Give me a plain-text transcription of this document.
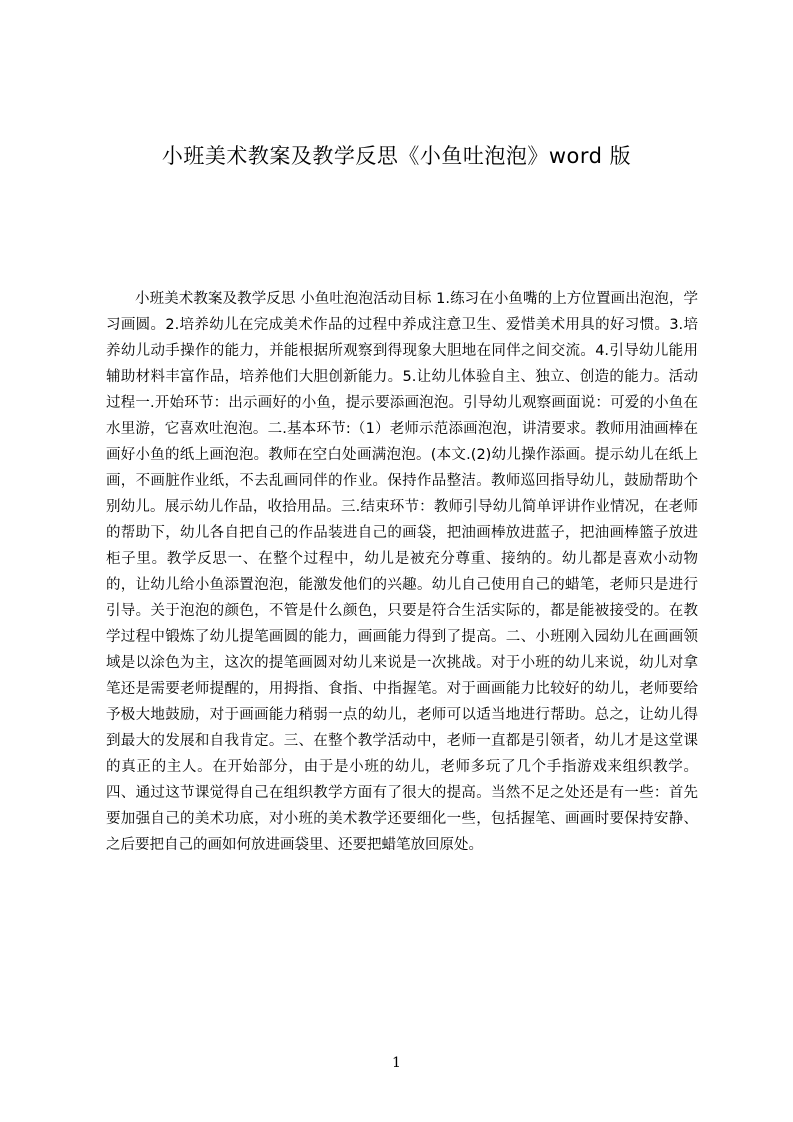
小班美术教案及教学反思《小鱼吐泡泡》word 版

小班美术教案及教学反思 小鱼吐泡泡活动目标 1.练习在小鱼嘴的上方位置画出泡泡，学习画圆。2.培养幼儿在完成美术作品的过程中养成注意卫生、爱惜美术用具的好习惯。3.培养幼儿动手操作的能力，并能根据所观察到得现象大胆地在同伴之间交流。4.引导幼儿能用辅助材料丰富作品，培养他们大胆创新能力。5.让幼儿体验自主、独立、创造的能力。活动过程一.开始环节：出示画好的小鱼，提示要添画泡泡。引导幼儿观察画面说：可爱的小鱼在水里游，它喜欢吐泡泡。二.基本环节:（1）老师示范添画泡泡，讲清要求。教师用油画棒在画好小鱼的纸上画泡泡。教师在空白处画满泡泡。(本文.(2)幼儿操作添画。提示幼儿在纸上画，不画脏作业纸，不去乱画同伴的作业。保持作品整洁。教师巡回指导幼儿，鼓励帮助个别幼儿。展示幼儿作品，收拾用品。三.结束环节：教师引导幼儿简单评讲作业情况，在老师的帮助下，幼儿各自把自己的作品装进自己的画袋，把油画棒放进蓝子，把油画棒篮子放进柜子里。教学反思一、在整个过程中，幼儿是被充分尊重、接纳的。幼儿都是喜欢小动物的，让幼儿给小鱼添置泡泡，能激发他们的兴趣。幼儿自己使用自己的蜡笔，老师只是进行引导。关于泡泡的颜色，不管是什么颜色，只要是符合生活实际的，都是能被接受的。在教学过程中锻炼了幼儿提笔画圆的能力，画画能力得到了提高。二、小班刚入园幼儿在画画领域是以涂色为主，这次的提笔画圆对幼儿来说是一次挑战。对于小班的幼儿来说，幼儿对拿笔还是需要老师提醒的，用拇指、食指、中指握笔。对于画画能力比较好的幼儿，老师要给予极大地鼓励，对于画画能力稍弱一点的幼儿，老师可以适当地进行帮助。总之，让幼儿得到最大的发展和自我肯定。三、在整个教学活动中，老师一直都是引领者，幼儿才是这堂课的真正的主人。在开始部分，由于是小班的幼儿，老师多玩了几个手指游戏来组织教学。四、通过这节课觉得自己在组织教学方面有了很大的提高。当然不足之处还是有一些：首先要加强自己的美术功底，对小班的美术教学还要细化一些，包括握笔、画画时要保持安静、之后要把自己的画如何放进画袋里、还要把蜡笔放回原处。

1
